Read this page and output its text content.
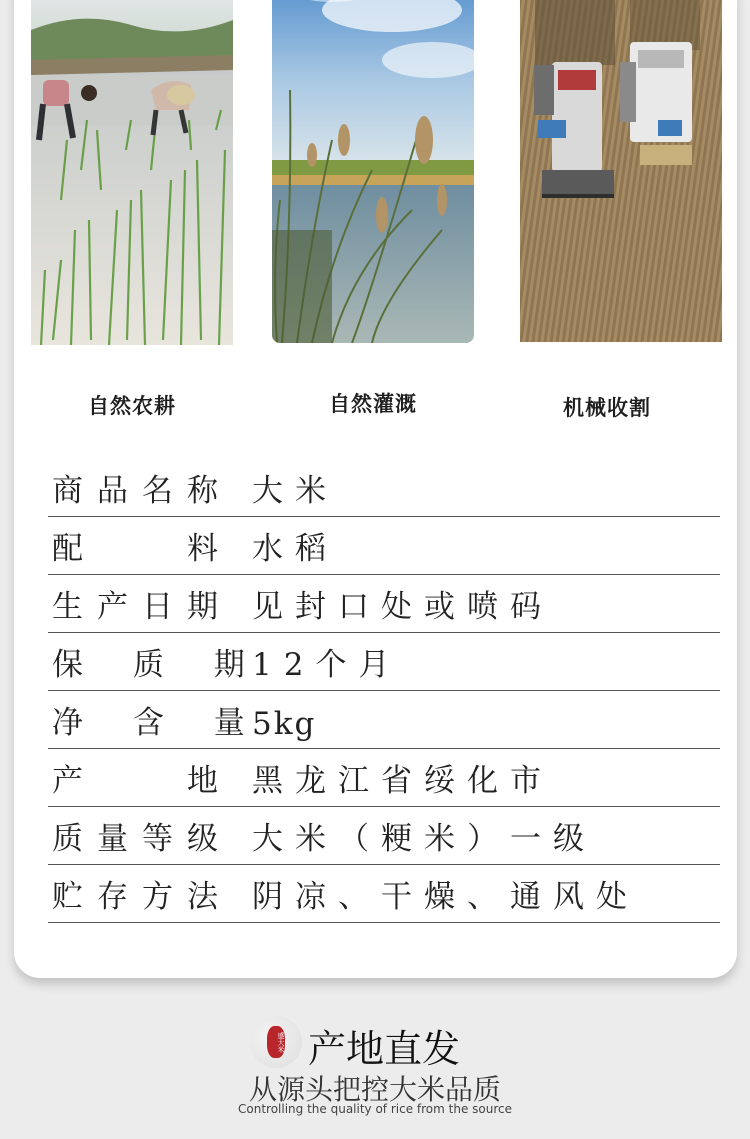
自然农耕	自然灌溉	机械收割
商品名称 大米
配　　料 水稻
生产日期 见封口处或喷码
保 质 期
12个月
净 含 量
5kg
产　　地 黑龙江省绥化市
质量等级 大米（粳米）一级
贮存方法 阴凉、干燥、通风处
盛大米 产地直发
从源头把控大米品质
Controlling the quality of rice from the source
